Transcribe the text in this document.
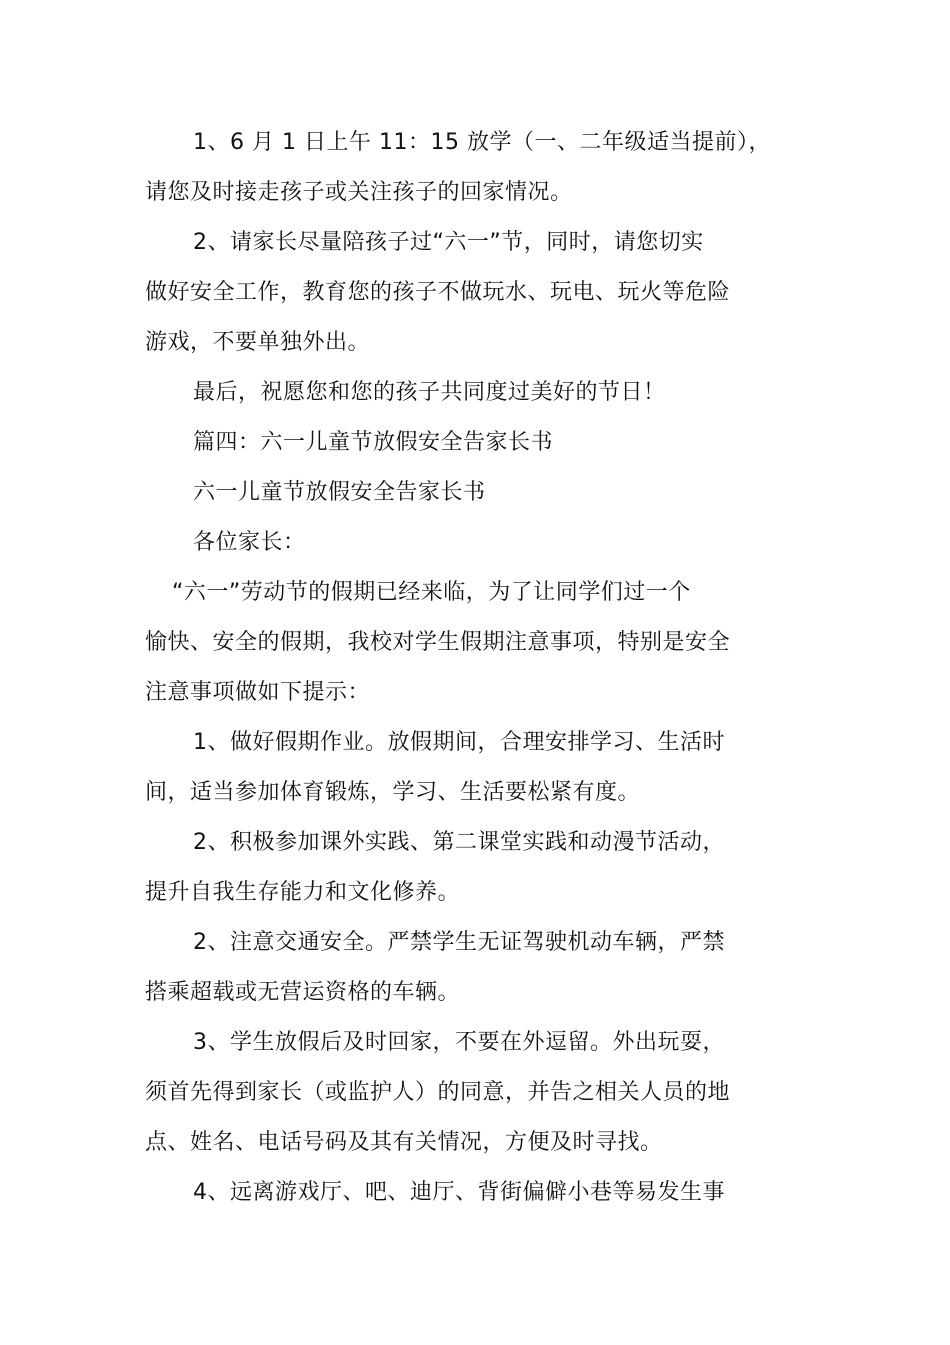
1、6 月 1 日上午 11：15 放学（一、二年级适当提前），
请您及时接走孩子或关注孩子的回家情况。
2、请家长尽量陪孩子过“六一”节，同时，请您切实
做好安全工作，教育您的孩子不做玩水、玩电、玩火等危险
游戏，不要单独外出。
最后，祝愿您和您的孩子共同度过美好的节日！
篇四：六一儿童节放假安全告家长书
六一儿童节放假安全告家长书
各位家长：
“六一”劳动节的假期已经来临，为了让同学们过一个
愉快、安全的假期，我校对学生假期注意事项，特别是安全
注意事项做如下提示：
1、做好假期作业。放假期间，合理安排学习、生活时
间，适当参加体育锻炼，学习、生活要松紧有度。
2、积极参加课外实践、第二课堂实践和动漫节活动，
提升自我生存能力和文化修养。
2、注意交通安全。严禁学生无证驾驶机动车辆，严禁
搭乘超载或无营运资格的车辆。
3、学生放假后及时回家，不要在外逗留。外出玩耍，
须首先得到家长（或监护人）的同意，并告之相关人员的地
点、姓名、电话号码及其有关情况，方便及时寻找。
4、远离游戏厅、吧、迪厅、背街偏僻小巷等易发生事
